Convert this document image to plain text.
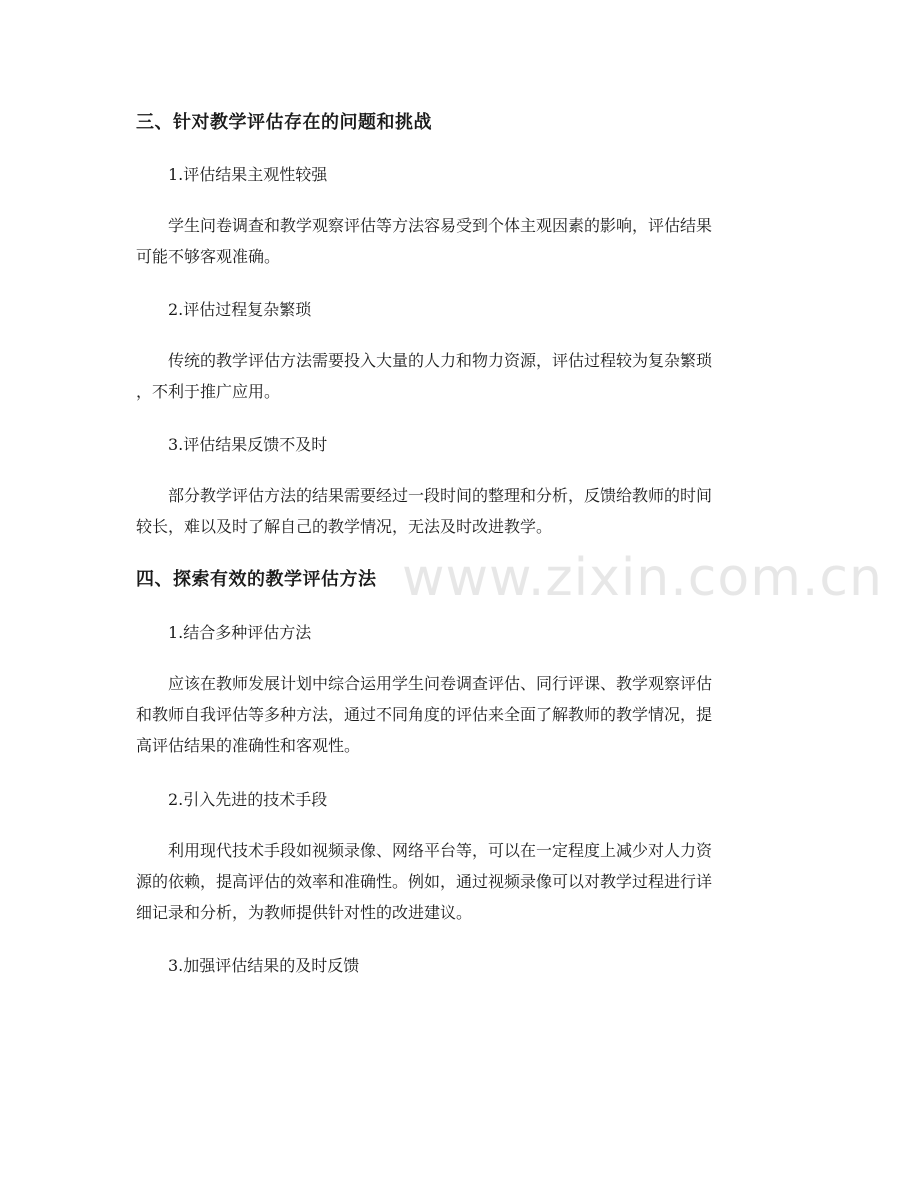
www.zixin.com.cn
三、针对教学评估存在的问题和挑战
1.评估结果主观性较强
学生问卷调查和教学观察评估等方法容易受到个体主观因素的影响，评估结果
可能不够客观准确。
2.评估过程复杂繁琐
传统的教学评估方法需要投入大量的人力和物力资源，评估过程较为复杂繁琐
，不利于推广应用。
3.评估结果反馈不及时
部分教学评估方法的结果需要经过一段时间的整理和分析，反馈给教师的时间
较长，难以及时了解自己的教学情况，无法及时改进教学。
四、探索有效的教学评估方法
1.结合多种评估方法
应该在教师发展计划中综合运用学生问卷调查评估、同行评课、教学观察评估
和教师自我评估等多种方法，通过不同角度的评估来全面了解教师的教学情况，提
高评估结果的准确性和客观性。
2.引入先进的技术手段
利用现代技术手段如视频录像、网络平台等，可以在一定程度上减少对人力资
源的依赖，提高评估的效率和准确性。例如，通过视频录像可以对教学过程进行详
细记录和分析，为教师提供针对性的改进建议。
3.加强评估结果的及时反馈
